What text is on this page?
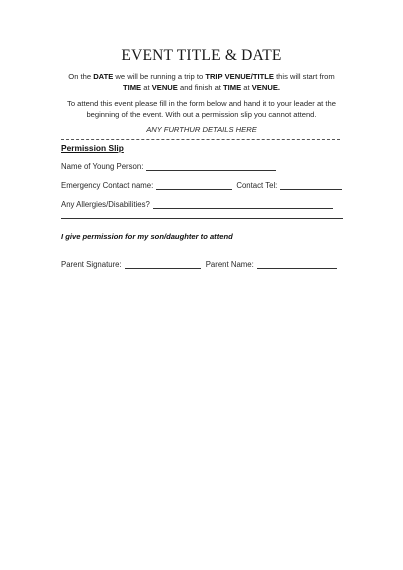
EVENT TITLE & DATE
On the DATE we will be running a trip to TRIP VENUE/TITLE this will start from
TIME at VENUE and finish at TIME at VENUE.
To attend this event please fill in the form below and hand it to your leader at the beginning of the event. With out a permission slip you cannot attend.
ANY FURTHUR DETAILS HERE
Permission Slip
Name of Young Person:
Emergency Contact name:	Contact Tel:
Any Allergies/Disabilities?
I give permission for my son/daughter to attend
Parent Signature:	Parent Name:
